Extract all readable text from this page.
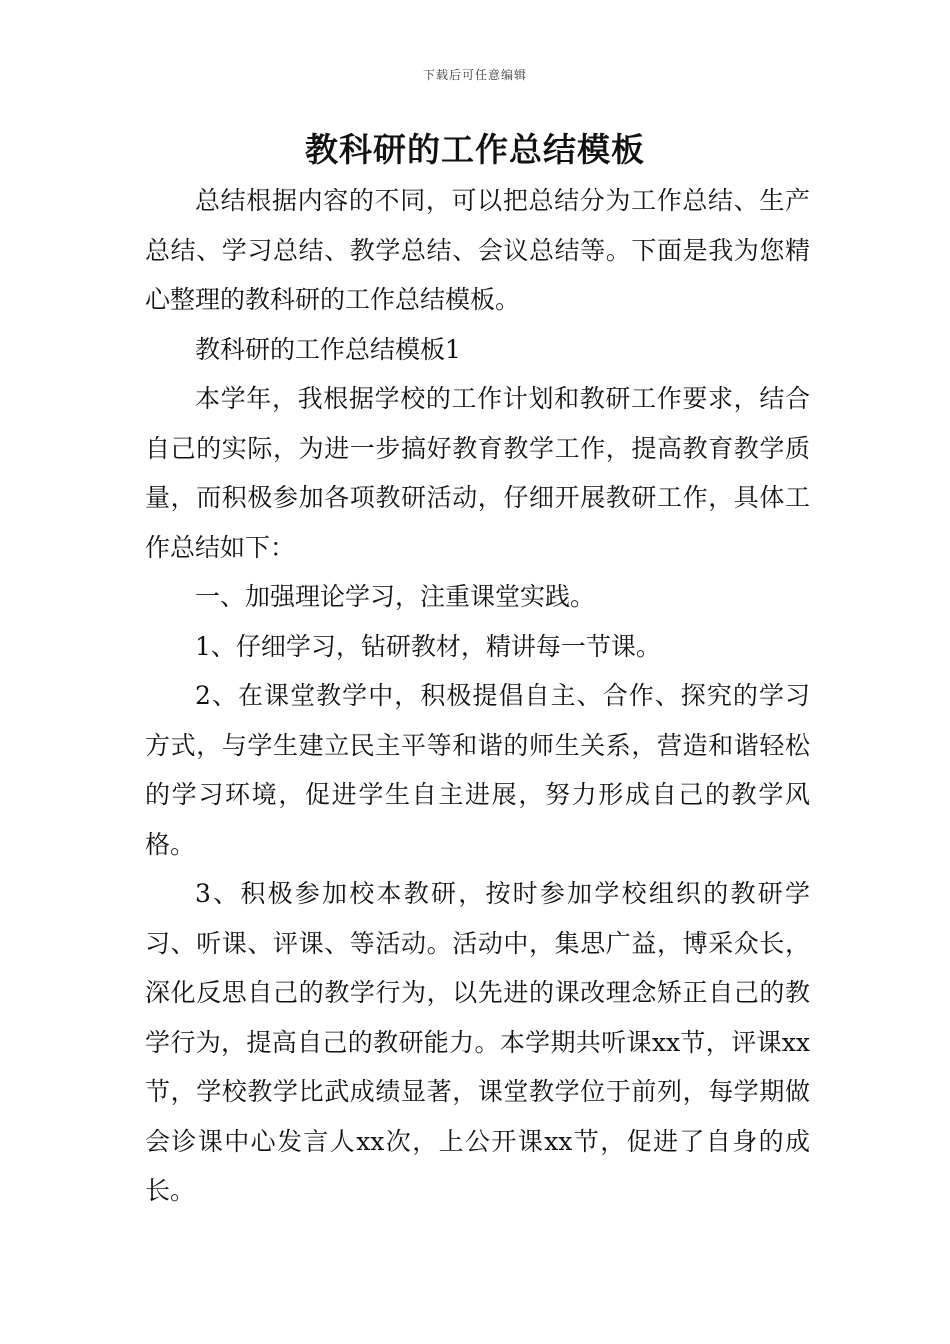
下载后可任意编辑
教科研的工作总结模板

总结根据内容的不同，可以把总结分为工作总结、生产总结、学习总结、教学总结、会议总结等。下面是我为您精心整理的教科研的工作总结模板。

教科研的工作总结模板1

本学年，我根据学校的工作计划和教研工作要求，结合自己的实际，为进一步搞好教育教学工作，提高教育教学质量，而积极参加各项教研活动，仔细开展教研工作，具体工作总结如下：

一、加强理论学习，注重课堂实践。

1、仔细学习，钻研教材，精讲每一节课。

2、在课堂教学中，积极提倡自主、合作、探究的学习方式，与学生建立民主平等和谐的师生关系，营造和谐轻松的学习环境，促进学生自主进展，努力形成自己的教学风格。

3、积极参加校本教研，按时参加学校组织的教研学习、听课、评课、等活动。活动中，集思广益，博采众长，深化反思自己的教学行为，以先进的课改理念矫正自己的教学行为，提高自己的教研能力。本学期共听课xx节，评课xx节，学校教学比武成绩显著，课堂教学位于前列，每学期做会诊课中心发言人xx次，上公开课xx节，促进了自身的成长。
